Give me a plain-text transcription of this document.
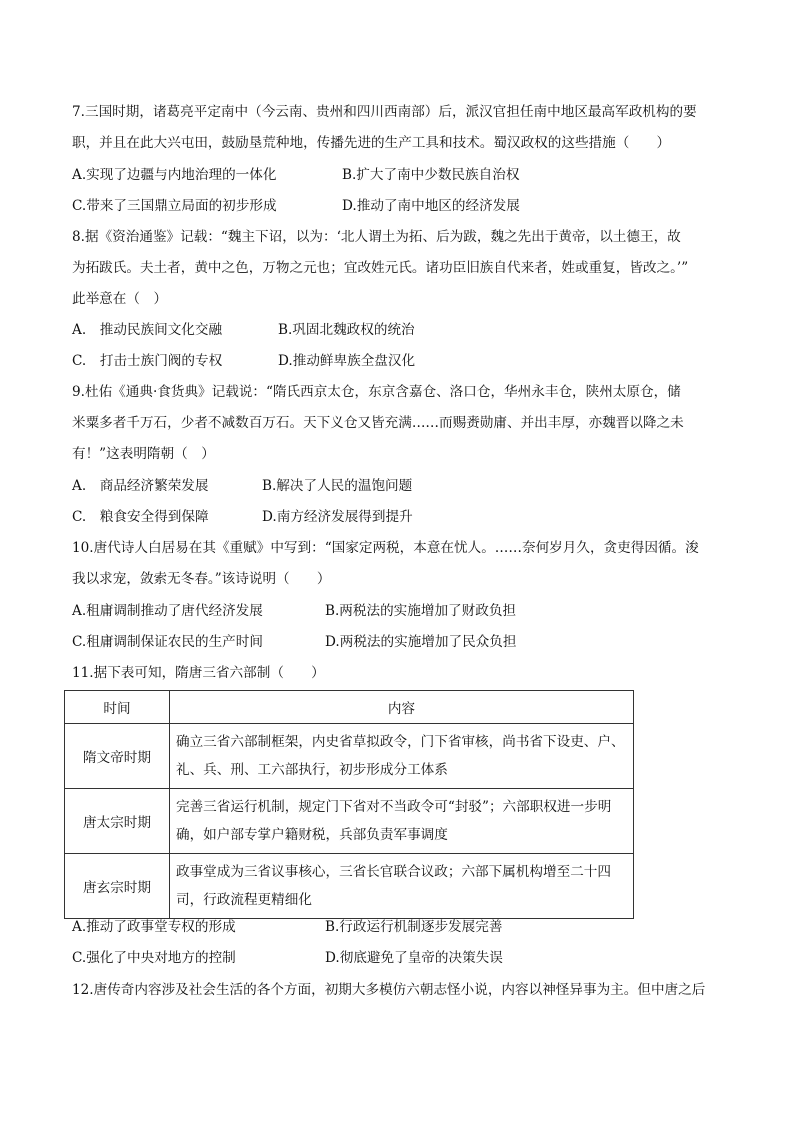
7.三国时期，诸葛亮平定南中（今云南、贵州和四川西南部）后，派汉官担任南中地区最高军政机构的要
职，并且在此大兴屯田，鼓励垦荒种地，传播先进的生产工具和技术。蜀汉政权的这些措施（　　）
A.实现了边疆与内地治理的一体化	B.扩大了南中少数民族自治权
C.带来了三国鼎立局面的初步形成	D.推动了南中地区的经济发展
8.据《资治通鉴》记载：“魏主下诏，以为：‘北人谓土为拓、后为跋，魏之先出于黄帝，以土德王，故
为拓跋氏。夫土者，黄中之色，万物之元也；宜改姓元氏。诸功臣旧族自代来者，姓或重复，皆改之。’”
此举意在（　）
A.　推动民族间文化交融	B.巩固北魏政权的统治
C.　打击士族门阀的专权	D.推动鲜卑族全盘汉化
9.杜佑《通典·食货典》记载说：“隋氏西京太仓，东京含嘉仓、洛口仓，华州永丰仓，陕州太原仓，储
米粟多者千万石，少者不减数百万石。天下义仓又皆充满……而赐赉勋庸、并出丰厚，亦魏晋以降之未
有！”这表明隋朝（　）
A.　商品经济繁荣发展	B.解决了人民的温饱问题
C.　粮食安全得到保障	D.南方经济发展得到提升
10.唐代诗人白居易在其《重赋》中写到：“国家定两税，本意在忧人。……奈何岁月久，贪吏得因循。浚
我以求宠，敛索无冬春。”该诗说明（　　）
A.租庸调制推动了唐代经济发展	B.两税法的实施增加了财政负担
C.租庸调制保证农民的生产时间	D.两税法的实施增加了民众负担
11.据下表可知，隋唐三省六部制（　　）
时间	内容
隋文帝时期	确立三省六部制框架，内史省草拟政令，门下省审核，尚书省下设吏、户、
礼、兵、刑、工六部执行，初步形成分工体系

唐太宗时期	完善三省运行机制，规定门下省对不当政令可“封驳”；六部职权进一步明
确，如户部专掌户籍财税，兵部负责军事调度

唐玄宗时期	政事堂成为三省议事核心，三省长官联合议政；六部下属机构增至二十四
司，行政流程更精细化
A.推动了政事堂专权的形成	B.行政运行机制逐步发展完善
C.强化了中央对地方的控制	D.彻底避免了皇帝的决策失误
12.唐传奇内容涉及社会生活的各个方面，初期大多模仿六朝志怪小说，内容以神怪异事为主。但中唐之后
